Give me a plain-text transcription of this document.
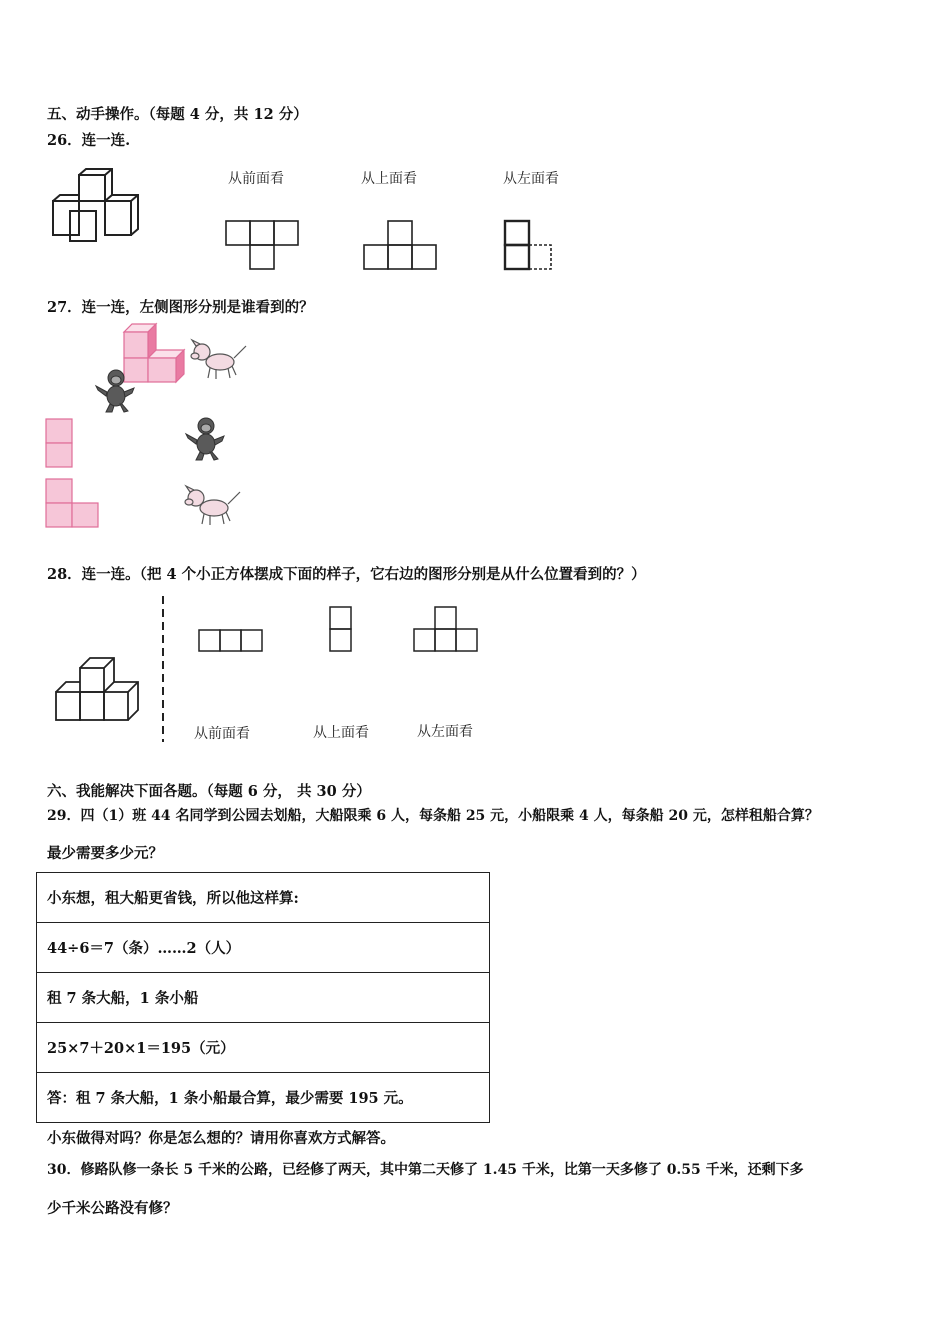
五、动手操作。（每题 4 分，共 12 分）
26．连一连.
从前面看	从上面看	从左面看
27．连一连，左侧图形分别是谁看到的？
28．连一连。（把 4 个小正方体摆成下面的样子，它右边的图形分别是从什么位置看到的？）
从前面看	从上面看	从左面看
六、我能解决下面各题。（每题 6 分， 共 30 分）
29．四（1）班 44 名同学到公园去划船，大船限乘 6 人，每条船 25 元，小船限乘 4 人，每条船 20 元，怎样租船合算？
最少需要多少元？
小东想，租大船更省钱，所以他这样算:
44÷6＝7（条）……2（人）
租 7 条大船，1 条小船
25×7＋20×1＝195（元）
答：租 7 条大船，1 条小船最合算，最少需要 195 元。
小东做得对吗？你是怎么想的？请用你喜欢方式解答。
30．修路队修一条长 5 千米的公路，已经修了两天，其中第二天修了 1.45 千米，比第一天多修了 0.55 千米，还剩下多
少千米公路没有修？
